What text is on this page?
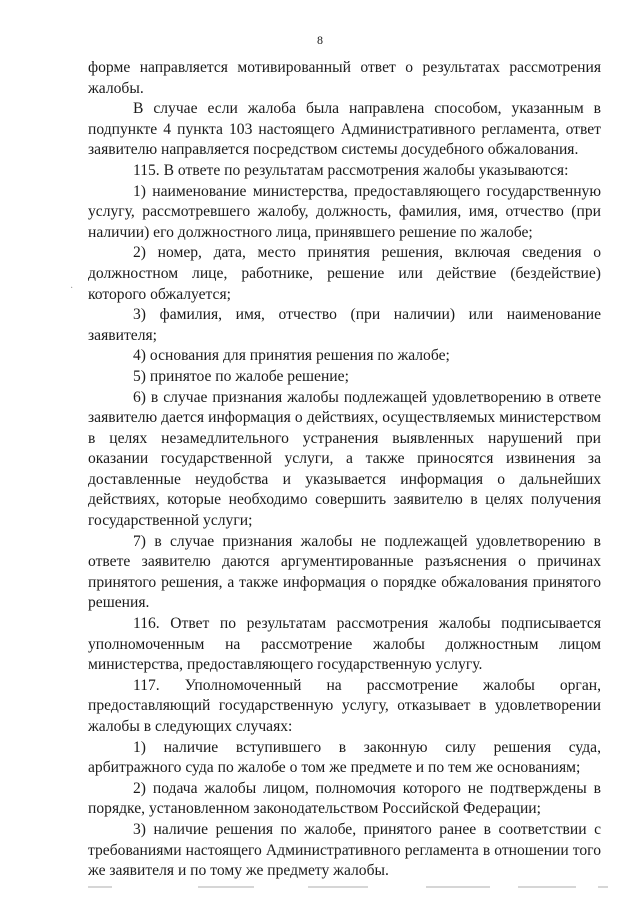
8
·

форме направляется мотивированный ответ о результатах рассмотрения жалобы.

В случае если жалоба была направлена способом, указанным в подпункте 4 пункта 103 настоящего Административного регламента, ответ заявителю направляется посредством системы досудебного обжалования.

115. В ответе по результатам рассмотрения жалобы указываются:

1) наименование министерства, предоставляющего государственную услугу, рассмотревшего жалобу, должность, фамилия, имя, отчество (при наличии) его должностного лица, принявшего решение по жалобе;

2) номер, дата, место принятия решения, включая сведения о должностном лице, работнике, решение или действие (бездействие) которого обжалуется;

3) фамилия, имя, отчество (при наличии) или наименование заявителя;

4) основания для принятия решения по жалобе;

5) принятое по жалобе решение;

6) в случае признания жалобы подлежащей удовлетворению в ответе заявителю дается информация о действиях, осуществляемых министерством в целях незамедлительного устранения выявленных нарушений при оказании государственной услуги, а также приносятся извинения за доставленные неудобства и указывается информация о дальнейших действиях, которые необходимо совершить заявителю в целях получения государственной услуги;

7) в случае признания жалобы не подлежащей удовлетворению в ответе заявителю даются аргументированные разъяснения о причинах принятого решения, а также информация о порядке обжалования принятого решения.

116. Ответ по результатам рассмотрения жалобы подписывается уполномоченным на рассмотрение жалобы должностным лицом министерства, предоставляющего государственную услугу.

117. Уполномоченный на рассмотрение жалобы орган, предоставляющий государственную услугу, отказывает в удовлетворении жалобы в следующих случаях:

1) наличие вступившего в законную силу решения суда, арбитражного суда по жалобе о том же предмете и по тем же основаниям;

2) подача жалобы лицом, полномочия которого не подтверждены в порядке, установленном законодательством Российской Федерации;

3) наличие решения по жалобе, принятого ранее в соответствии с требованиями настоящего Административного регламента в отношении того же заявителя и по тому же предмету жалобы.
